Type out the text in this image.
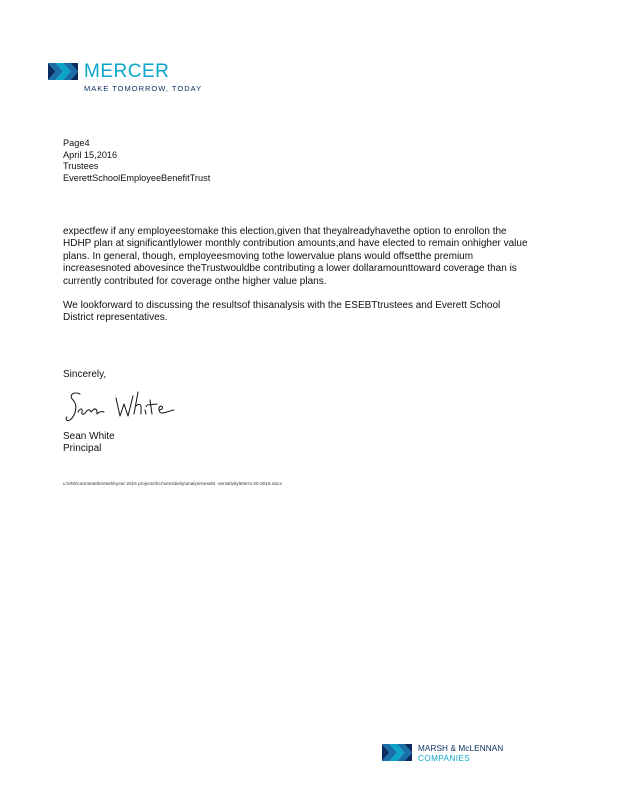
MERCER
MAKE TOMORROW, TODAY
Page4
April 15,2016
Trustees
EverettSchoolEmployeeBenefitTrust

expectfew if any employeestomake this election,given that theyalreadyhavethe option to enrollon the HDHP plan at significantlylower monthly contribution amounts,and have elected to remain onhigher value plans. In general, though, employeesmoving tothe lowervalue plans would offsetthe premium increasesnoted abovesince theTrustwouldbe contributing a lower dollaramounttoward coverage than is currently contributed for coverage onthe higher value plans.

We lookforward to discussing the resultsof thisanalysis with the ESEBTtrustees and Everett School District representatives.

Sincerely,
Sean White
Principal
u:\ehb\core\seattle\esebt\year 2016 projects\hcr\sensitivity\analysis\esebt -sensitivityletter4-20-2016.docx
MARSH & McLENNAN
COMPANIES
